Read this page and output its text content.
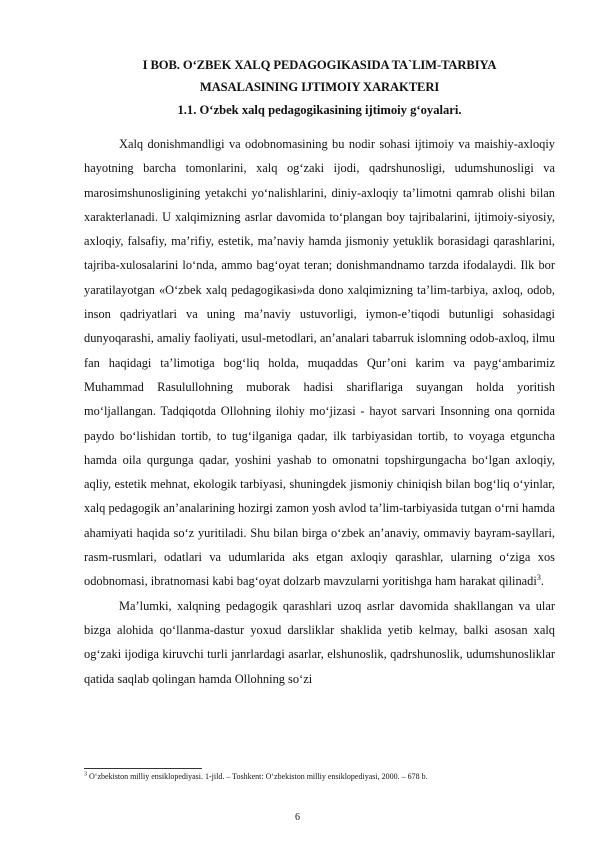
I BOB. O‘ZBEK XALQ PEDAGOGIKASIDA TA`LIM-TARBIYA
MASALASINING IJTIMOIY XARAKTERI
1.1. O‘zbek xalq pedagogikasining ijtimoiy g‘oyalari.

Xalq donishmandligi va odobnomasining bu nodir sohasi ijtimoiy va maishiy-axloqiy hayotning barcha tomonlarini, xalq og‘zaki ijodi, qadrshunosligi, udumshunosligi va marosimshunosligining yetakchi yo‘nalishlarini, diniy-axloqiy ta’limotni qamrab olishi bilan xarakterlanadi. U xalqimizning asrlar davomida to‘plangan boy tajribalarini, ijtimoiy-siyosiy, axloqiy, falsafiy, ma’rifiy, estetik, ma’naviy hamda jismoniy yetuklik borasidagi qarashlarini, tajriba-xulosalarini lo‘nda, ammo bag‘oyat teran; donishmandnamo tarzda ifodalaydi. Ilk bor yaratilayotgan «O‘zbek xalq pedagogikasi»da dono xalqimizning ta’lim-tarbiya, axloq, odob, inson qadriyatlari va uning ma’naviy ustuvorligi, iymon-e’tiqodi butunligi sohasidagi dunyoqarashi, amaliy faoliyati, usul-metodlari, an’analari tabarruk islomning odob-axloq, ilmu fan haqidagi ta’limotiga bog‘liq holda, muqaddas Qur’oni karim va payg‘ambarimiz Muhammad Rasulullohning muborak hadisi shariflariga suyangan holda yoritish mo‘ljallangan. Tadqiqotda Ollohning ilohiy mo‘jizasi - hayot sarvari Insonning ona qornida paydo bo‘lishidan tortib, to tug‘ilganiga qadar, ilk tarbiyasidan tortib, to voyaga etguncha hamda oila qurgunga qadar, yoshini yashab to omonatni topshirgungacha bo‘lgan axloqiy, aqliy, estetik mehnat, ekologik tarbiyasi, shuningdek jismoniy chiniqish bilan bog‘liq o‘yinlar, xalq pedagogik an’analarining hozirgi zamon yosh avlod ta’lim-tarbiyasida tutgan o‘rni hamda ahamiyati haqida so‘z yuritiladi. Shu bilan birga o‘zbek an’anaviy, ommaviy bayram-sayllari, rasm-rusmlari, odatlari va udumlarida aks etgan axloqiy qarashlar, ularning o‘ziga xos odobnomasi, ibratnomasi kabi bag‘oyat dolzarb mavzularni yoritishga ham harakat qilinadi$^3$.

Ma’lumki, xalqning pedagogik qarashlari uzoq asrlar davomida shakllangan va ular bizga alohida qo‘llanma-dastur yoxud darsliklar shaklida yetib kelmay, balki asosan xalq og‘zaki ijodiga kiruvchi turli janrlardagi asarlar, elshunoslik, qadrshunoslik, udumshunosliklar qatida saqlab qolingan hamda Ollohning so‘zi

$^3$ O‘zbekiston milliy ensiklopediyasi. 1-jild. – Toshkent: O‘zbekiston milliy ensiklopediyasi, 2000. – 678 b.
6
